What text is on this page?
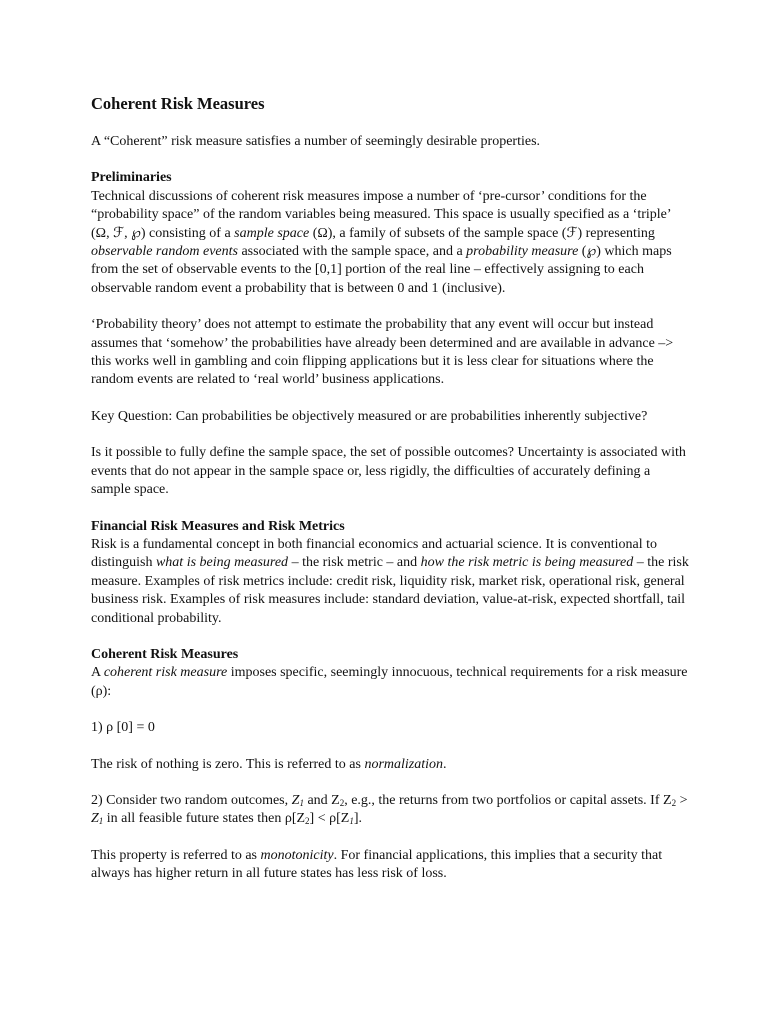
Coherent Risk Measures

A “Coherent” risk measure satisfies a number of seemingly desirable properties.

Preliminaries

Technical discussions of coherent risk measures impose a number of ‘pre-cursor’ conditions for the “probability space” of the random variables being measured. This space is usually specified as a ‘triple’ (Ω, ℱ, ℘) consisting of a sample space (Ω), a family of subsets of the sample space (ℱ) representing observable random events associated with the sample space, and a probability measure (℘) which maps from the set of observable events to the [0,1] portion of the real line – effectively assigning to each observable random event a probability that is between 0 and 1 (inclusive).

‘Probability theory’ does not attempt to estimate the probability that any event will occur but instead assumes that ‘somehow’ the probabilities have already been determined and are available in advance –> this works well in gambling and coin flipping applications but it is less clear for situations where the random events are related to ‘real world’ business applications.

Key Question: Can probabilities be objectively measured or are probabilities inherently subjective?

Is it possible to fully define the sample space, the set of possible outcomes? Uncertainty is associated with events that do not appear in the sample space or, less rigidly, the difficulties of accurately defining a sample space.

Financial Risk Measures and Risk Metrics

Risk is a fundamental concept in both financial economics and actuarial science. It is conventional to distinguish what is being measured – the risk metric – and how the risk metric is being measured – the risk measure. Examples of risk metrics include: credit risk, liquidity risk, market risk, operational risk, general business risk. Examples of risk measures include: standard deviation, value-at-risk, expected shortfall, tail conditional probability.

Coherent Risk Measures

A coherent risk measure imposes specific, seemingly innocuous, technical requirements for a risk measure (ρ):

1) ρ [0] = 0

The risk of nothing is zero. This is referred to as normalization.

2) Consider two random outcomes, $Z_1$ and $Z_2$, e.g., the returns from two portfolios or capital assets. If $Z_2 > Z_1$ in all feasible future states then $\rho[Z_2] < \rho[Z_1]$.

This property is referred to as monotonicity. For financial applications, this implies that a security that always has higher return in all future states has less risk of loss.
